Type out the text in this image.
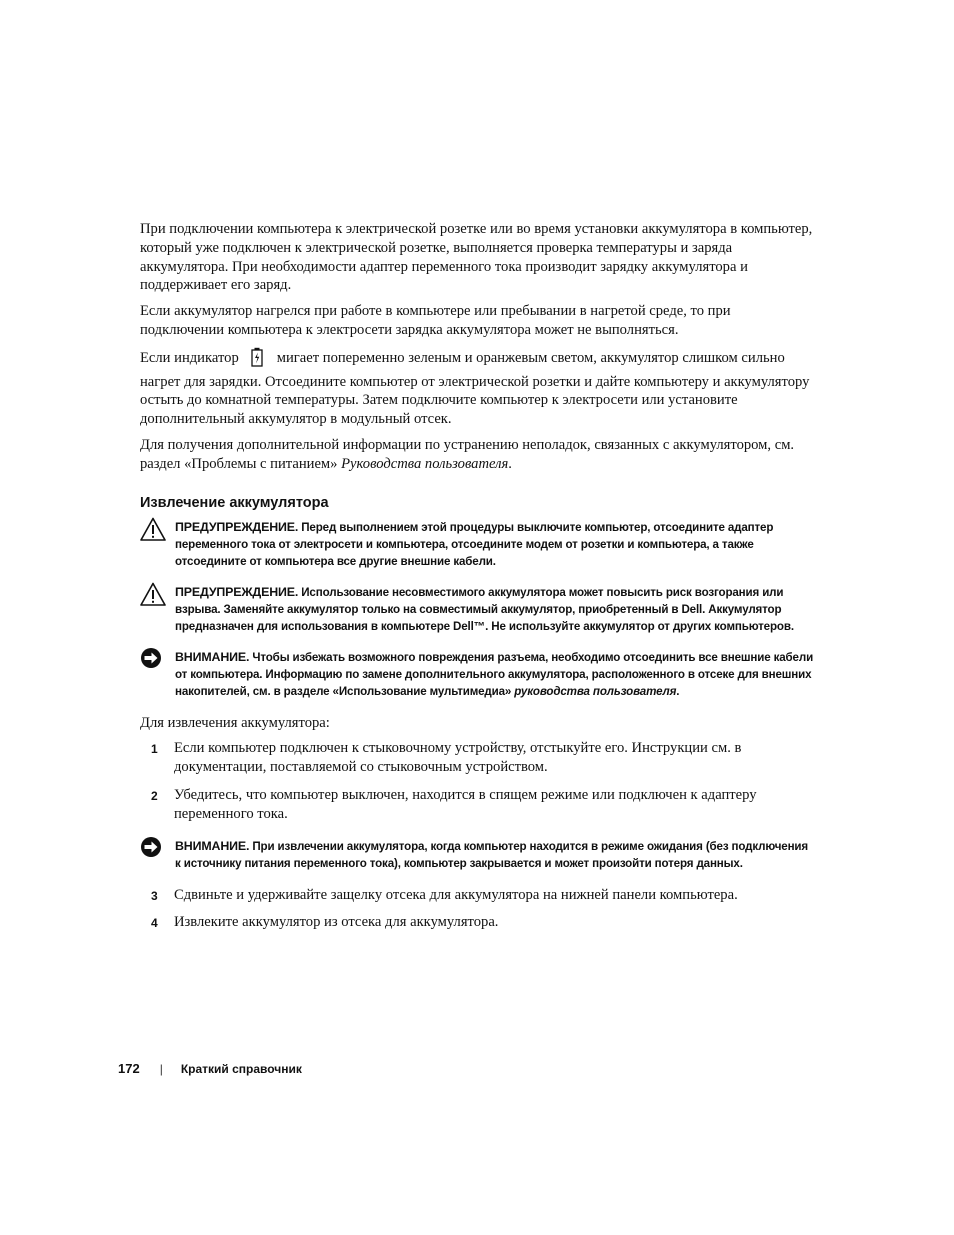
При подключении компьютера к электрической розетке или во время установки аккумулятора в компьютер, который уже подключен к электрической розетке, выполняется проверка температуры и заряда аккумулятора. При необходимости адаптер переменного тока производит зарядку аккумулятора и поддерживает его заряд.

Если аккумулятор нагрелся при работе в компьютере или пребывании в нагретой среде, то при подключении компьютера к электросети зарядка аккумулятора может не выполняться.

Если индикатор	мигает попеременно зеленым и оранжевым светом, аккумулятор слишком сильно нагрет для зарядки. Отсоедините компьютер от электрической розетки и дайте компьютеру и аккумулятору остыть до комнатной температуры. Затем подключите компьютер к электросети или установите дополнительный аккумулятор в модульный отсек.

Для получения дополнительной информации по устранению неполадок, связанных с аккумулятором, см. раздел «Проблемы с питанием» Руководства пользователя.

Извлечение аккумулятора

ПРЕДУПРЕЖДЕНИЕ. Перед выполнением этой процедуры выключите компьютер, отсоедините адаптер переменного тока от электросети и компьютера, отсоедините модем от розетки и компьютера, а также отсоедините от компьютера все другие внешние кабели.

ПРЕДУПРЕЖДЕНИЕ. Использование несовместимого аккумулятора может повысить риск возгорания или взрыва. Заменяйте аккумулятор только на совместимый аккумулятор, приобретенный в Dell. Аккумулятор предназначен для использования в компьютере Dell™. Не используйте аккумулятор от других компьютеров.

ВНИМАНИЕ. Чтобы избежать возможного повреждения разъема, необходимо отсоединить все внешние кабели от компьютера. Информацию по замене дополнительного аккумулятора, расположенного в отсеке для внешних накопителей, см. в разделе «Использование мультимедиа» руководства пользователя.

Для извлечения аккумулятора:

1 Если компьютер подключен к стыковочному устройству, отстыкуйте его. Инструкции см. в документации, поставляемой со стыковочным устройством.
2 Убедитесь, что компьютер выключен, находится в спящем режиме или подключен к адаптеру переменного тока.

ВНИМАНИЕ. При извлечении аккумулятора, когда компьютер находится в режиме ожидания (без подключения к источнику питания переменного тока), компьютер закрывается и может произойти потеря данных.

3 Сдвиньте и удерживайте защелку отсека для аккумулятора на нижней панели компьютера.
4 Извлеките аккумулятор из отсека для аккумулятора.
172 | Краткий справочник
